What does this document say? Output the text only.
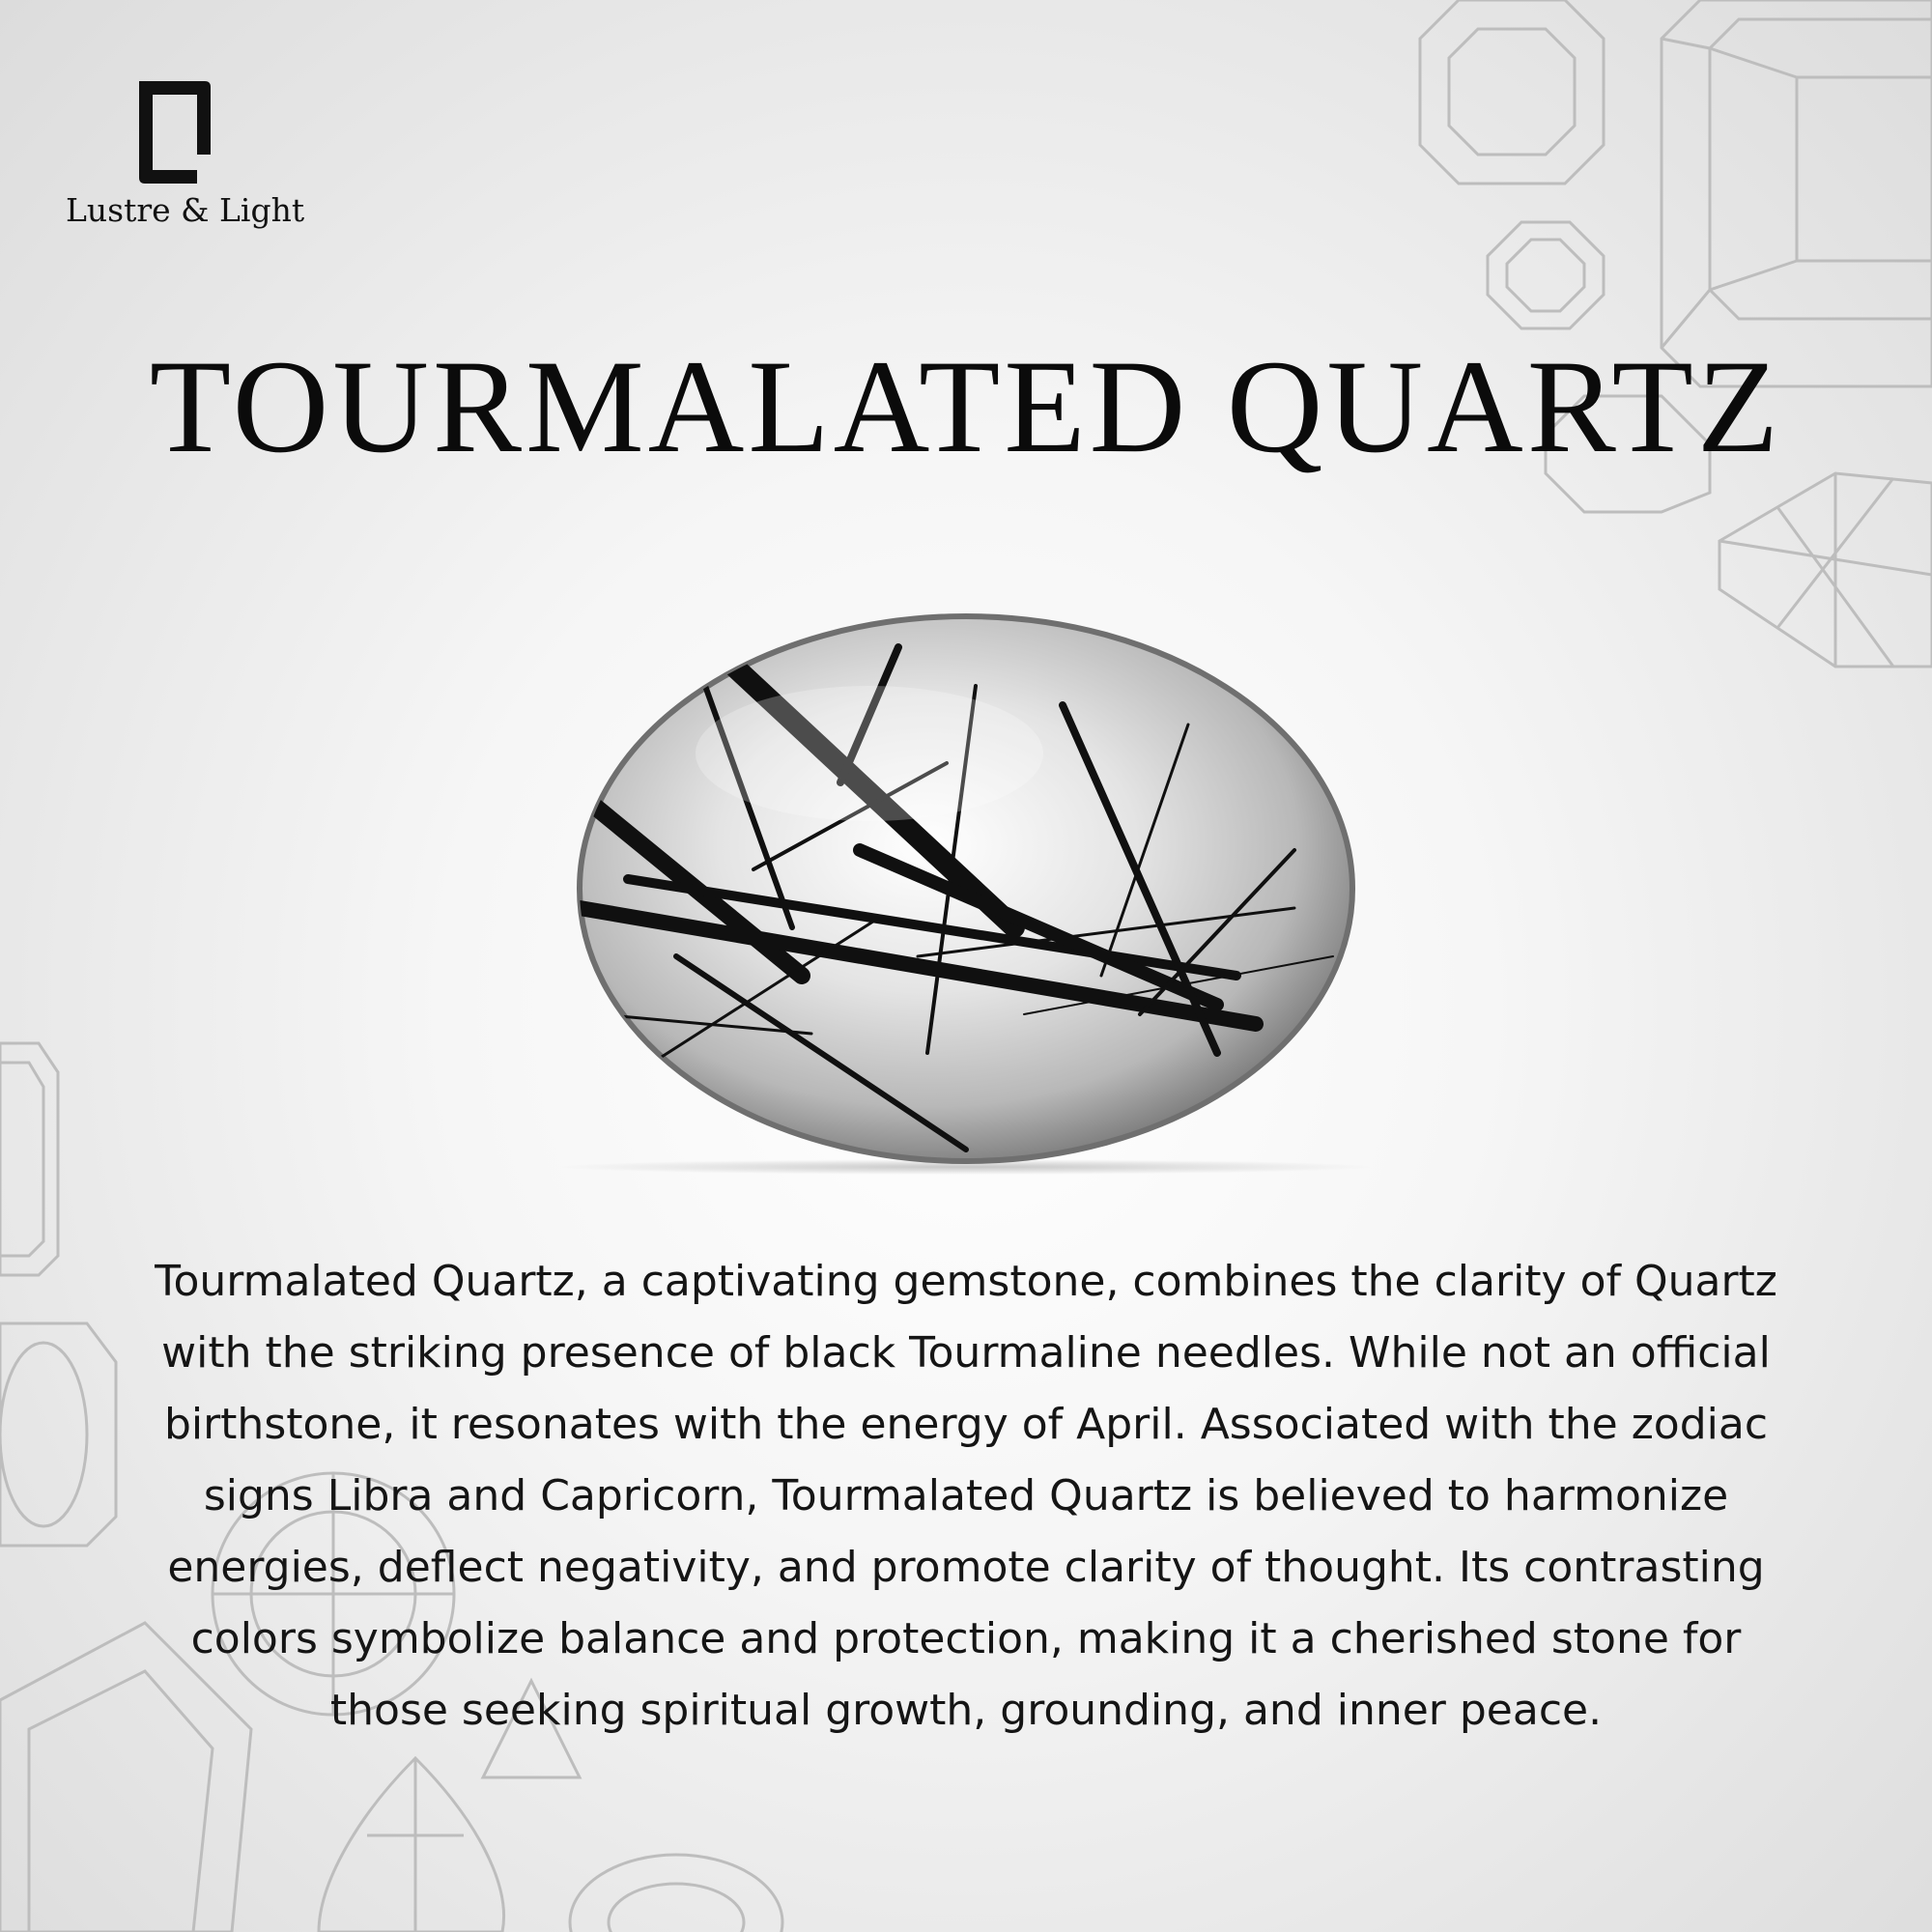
Lustre & Light
TOURMALATED QUARTZ
Tourmalated Quartz, a captivating gemstone, combines the clarity of Quartz with the striking presence of black Tourmaline needles. While not an official birthstone, it resonates with the energy of April. Associated with the zodiac signs Libra and Capricorn, Tourmalated Quartz is believed to harmonize energies, deflect negativity, and promote clarity of thought. Its contrasting colors symbolize balance and protection, making it a cherished stone for those seeking spiritual growth, grounding, and inner peace.
